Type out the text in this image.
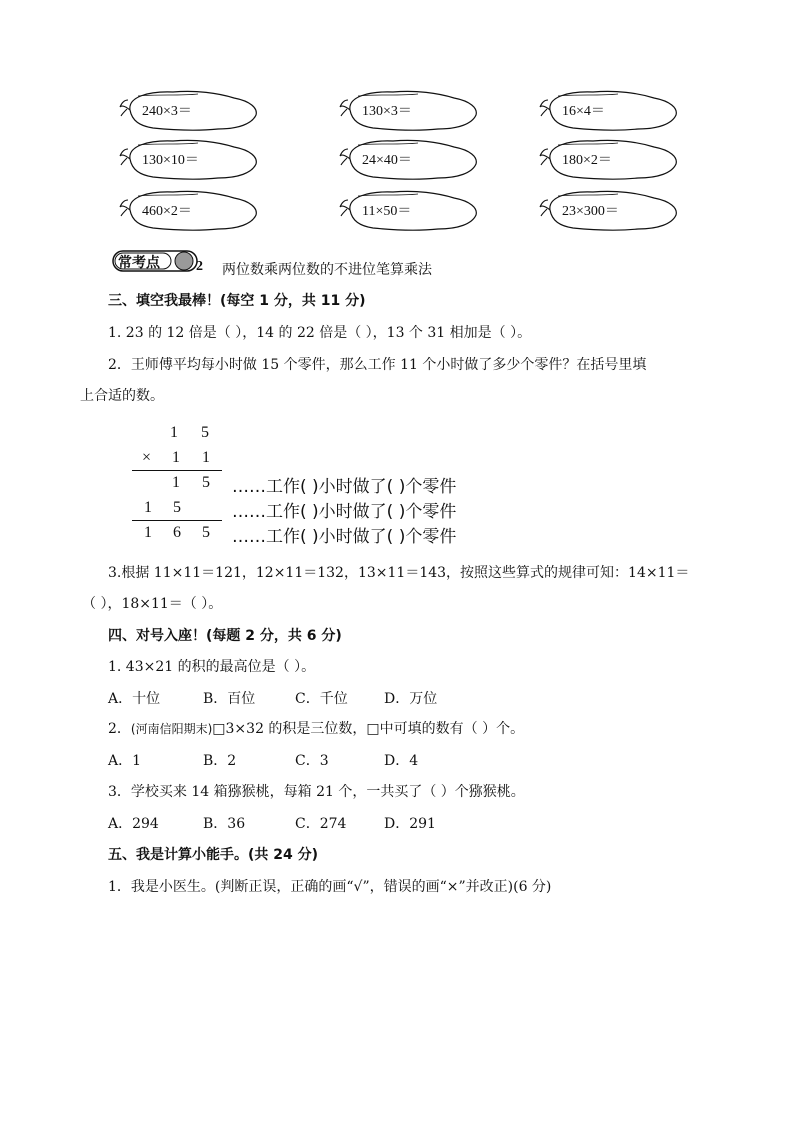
240×3＝	130×3＝	16×4＝
130×10＝	24×40＝	180×2＝
460×2＝	11×50＝	23×300＝
常考点	2 两位数乘两位数的不进位笔算乘法
三、填空我最棒！(每空 1 分，共 11 分)
1. 23 的 12 倍是（ ），14 的 22 倍是（ ），13 个 31 相加是（ ）。
2．王师傅平均每小时做 15 个零件，那么工作 11 个小时做了多少个零件？在括号里填
上合适的数。
1 5
× 1 1
1 5
1 5
1 6 5
……工作( )小时做了( )个零件
……工作( )小时做了( )个零件
……工作( )小时做了( )个零件
3.根据 11×11＝121，12×11＝132，13×11＝143，按照这些算式的规律可知：14×11＝
（ ），18×11＝（ ）。
四、对号入座！(每题 2 分，共 6 分)
1. 43×21 的积的最高位是（ ）。
A．十位	B．百位	C．千位	D．万位
2．(河南信阳期末)□3×32 的积是三位数，□中可填的数有（ ）个。
A．1	B．2	C．3	D．4
3．学校买来 14 箱猕猴桃，每箱 21 个，一共买了（ ）个猕猴桃。
A．294	B．36	C．274	D．291
五、我是计算小能手。(共 24 分)
1．我是小医生。(判断正误，正确的画“√”，错误的画“×”并改正)(6 分)
